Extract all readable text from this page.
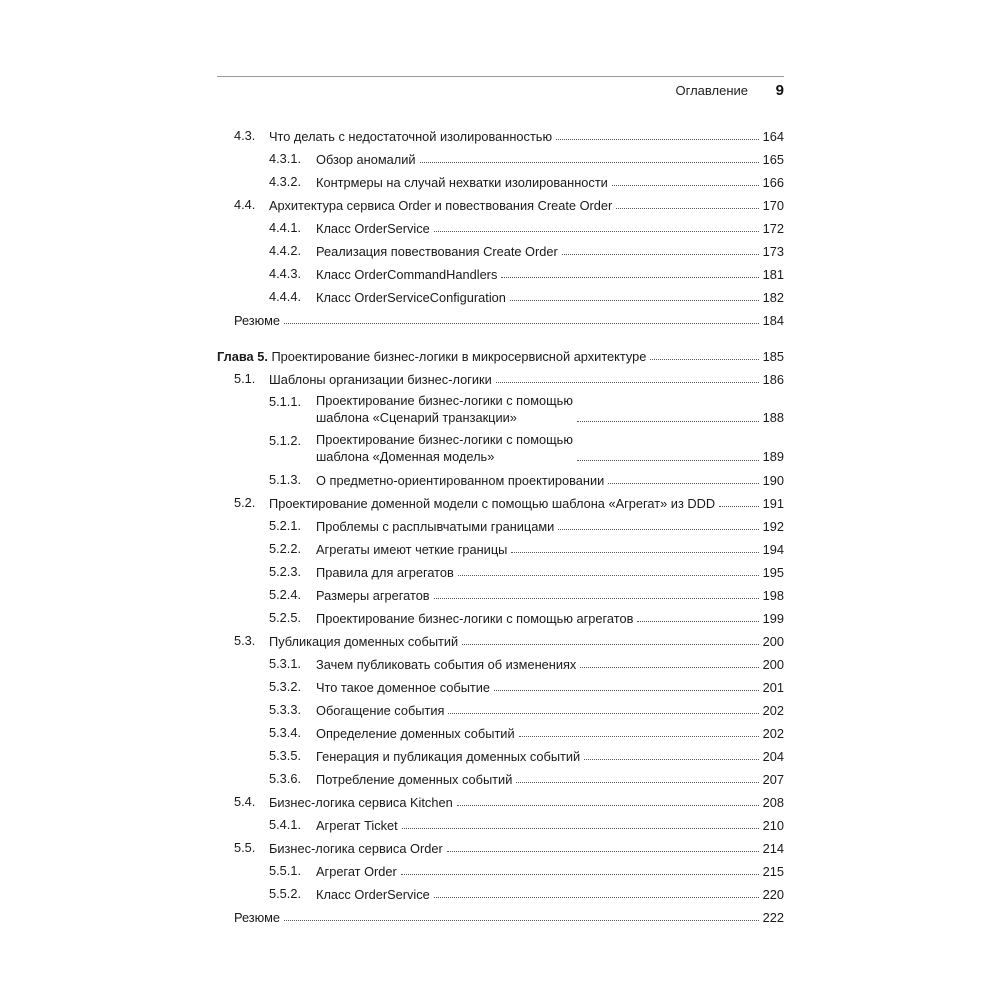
Оглавление 9
4.3. Что делать с недостаточной изолированностью	164
4.3.1. Обзор аномалий	165
4.3.2. Контрмеры на случай нехватки изолированности	166
4.4. Архитектура сервиса Order и повествования Create Order	170
4.4.1. Класс OrderService	172
4.4.2. Реализация повествования Create Order	173
4.4.3. Класс OrderCommandHandlers	181
4.4.4. Класс OrderServiceConfiguration	182
Резюме	184
Глава 5. Проектирование бизнес-логики в микросервисной архитектуре	185
5.1. Шаблоны организации бизнес-логики	186
5.1.1. Проектирование бизнес-логики с помощью
шаблона «Сценарий транзакции»	188
5.1.2. Проектирование бизнес-логики с помощью
шаблона «Доменная модель»	189
5.1.3. О предметно-ориентированном проектировании	190
5.2. Проектирование доменной модели с помощью шаблона «Агрегат» из DDD	191
5.2.1. Проблемы с расплывчатыми границами	192
5.2.2. Агрегаты имеют четкие границы	194
5.2.3. Правила для агрегатов	195
5.2.4. Размеры агрегатов	198
5.2.5. Проектирование бизнес-логики с помощью агрегатов	199
5.3. Публикация доменных событий	200
5.3.1. Зачем публиковать события об изменениях	200
5.3.2. Что такое доменное событие	201
5.3.3. Обогащение события	202
5.3.4. Определение доменных событий	202
5.3.5. Генерация и публикация доменных событий	204
5.3.6. Потребление доменных событий	207
5.4. Бизнес-логика сервиса Kitchen	208
5.4.1. Агрегат Ticket	210
5.5. Бизнес-логика сервиса Order	214
5.5.1. Агрегат Order	215
5.5.2. Класс OrderService	220
Резюме	222
